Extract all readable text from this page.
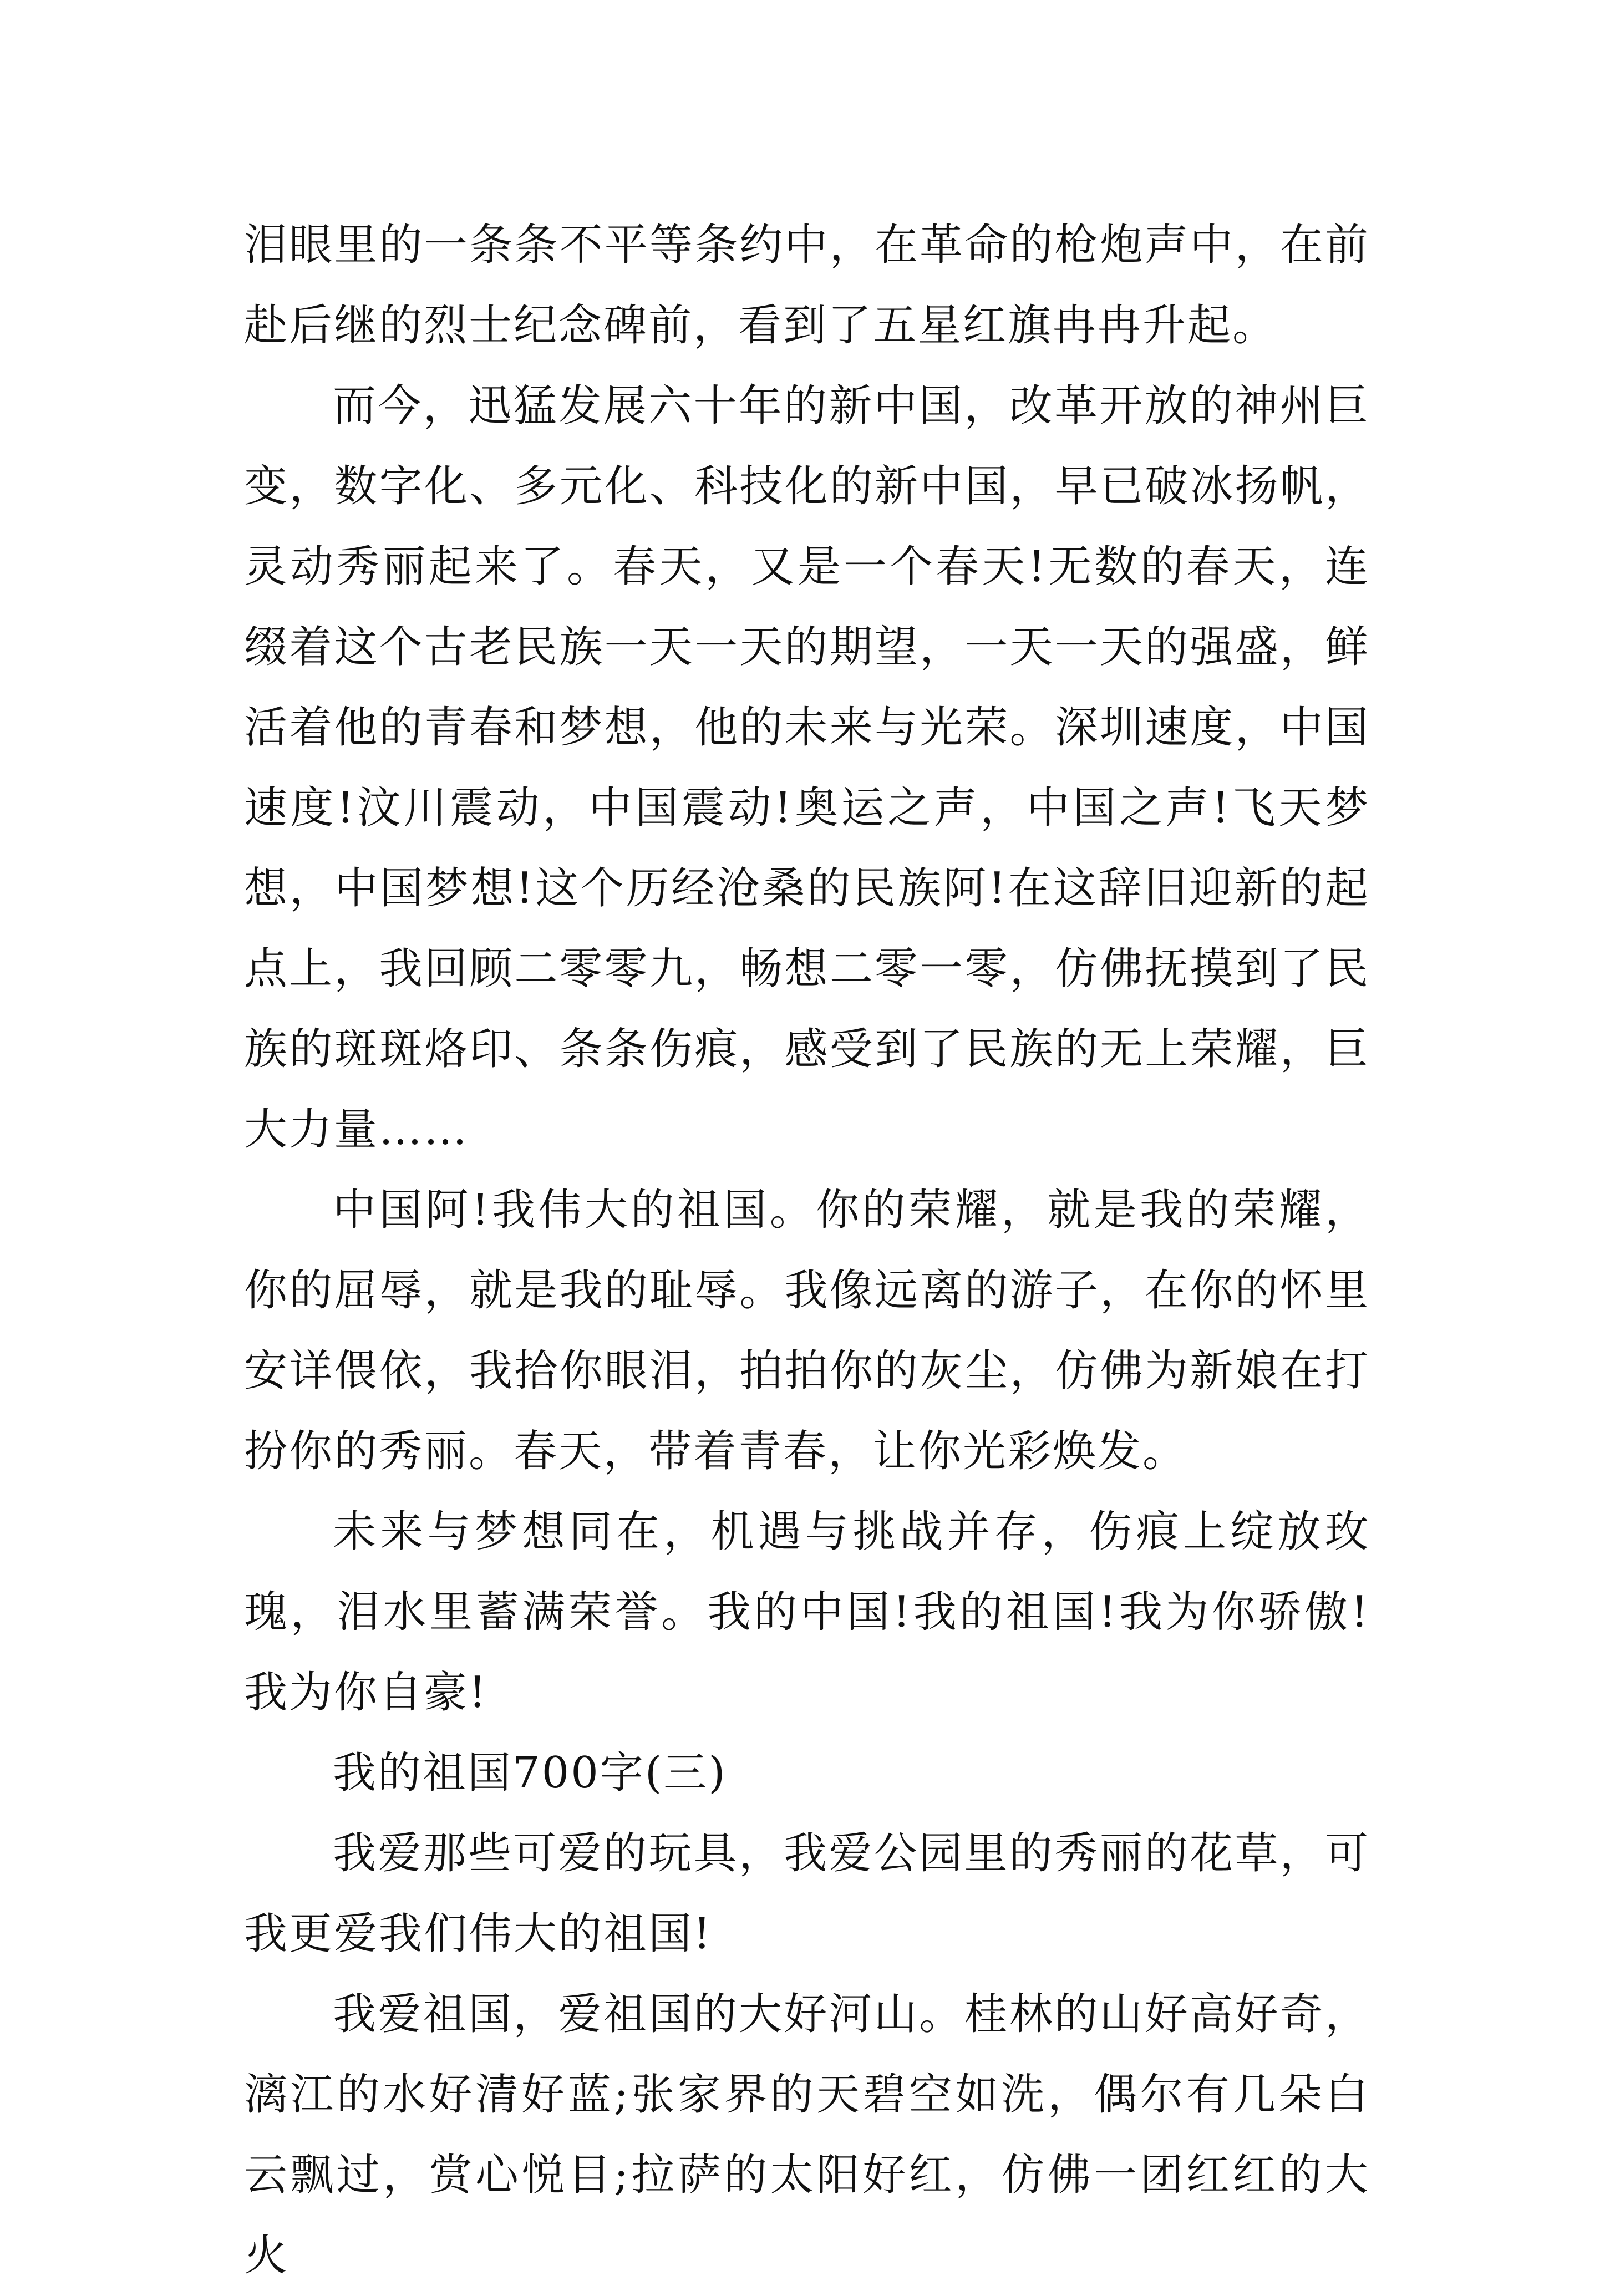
泪眼里的一条条不平等条约中，在革命的枪炮声中，在前赴后继的烈士纪念碑前，看到了五星红旗冉冉升起。

而今，迅猛发展六十年的新中国，改革开放的神州巨变，数字化、多元化、科技化的新中国，早已破冰扬帆，灵动秀丽起来了。春天，又是一个春天!无数的春天，连缀着这个古老民族一天一天的期望，一天一天的强盛，鲜活着他的青春和梦想，他的未来与光荣。深圳速度，中国速度!汶川震动，中国震动!奥运之声，中国之声!飞天梦想，中国梦想!这个历经沧桑的民族阿!在这辞旧迎新的起点上，我回顾二零零九，畅想二零一零，仿佛抚摸到了民族的斑斑烙印、条条伤痕，感受到了民族的无上荣耀，巨大力量……

中国阿!我伟大的祖国。你的荣耀，就是我的荣耀，你的屈辱，就是我的耻辱。我像远离的游子，在你的怀里安详偎依，我拾你眼泪，拍拍你的灰尘，仿佛为新娘在打扮你的秀丽。春天，带着青春，让你光彩焕发。

未来与梦想同在，机遇与挑战并存，伤痕上绽放玫瑰，泪水里蓄满荣誉。我的中国!我的祖国!我为你骄傲!我为你自豪!

我的祖国700字(三)

我爱那些可爱的玩具，我爱公园里的秀丽的花草，可我更爱我们伟大的祖国!

我爱祖国，爱祖国的大好河山。桂林的山好高好奇，漓江的水好清好蓝;张家界的天碧空如洗，偶尔有几朵白云飘过，赏心悦目;拉萨的太阳好红，仿佛一团红红的大火
